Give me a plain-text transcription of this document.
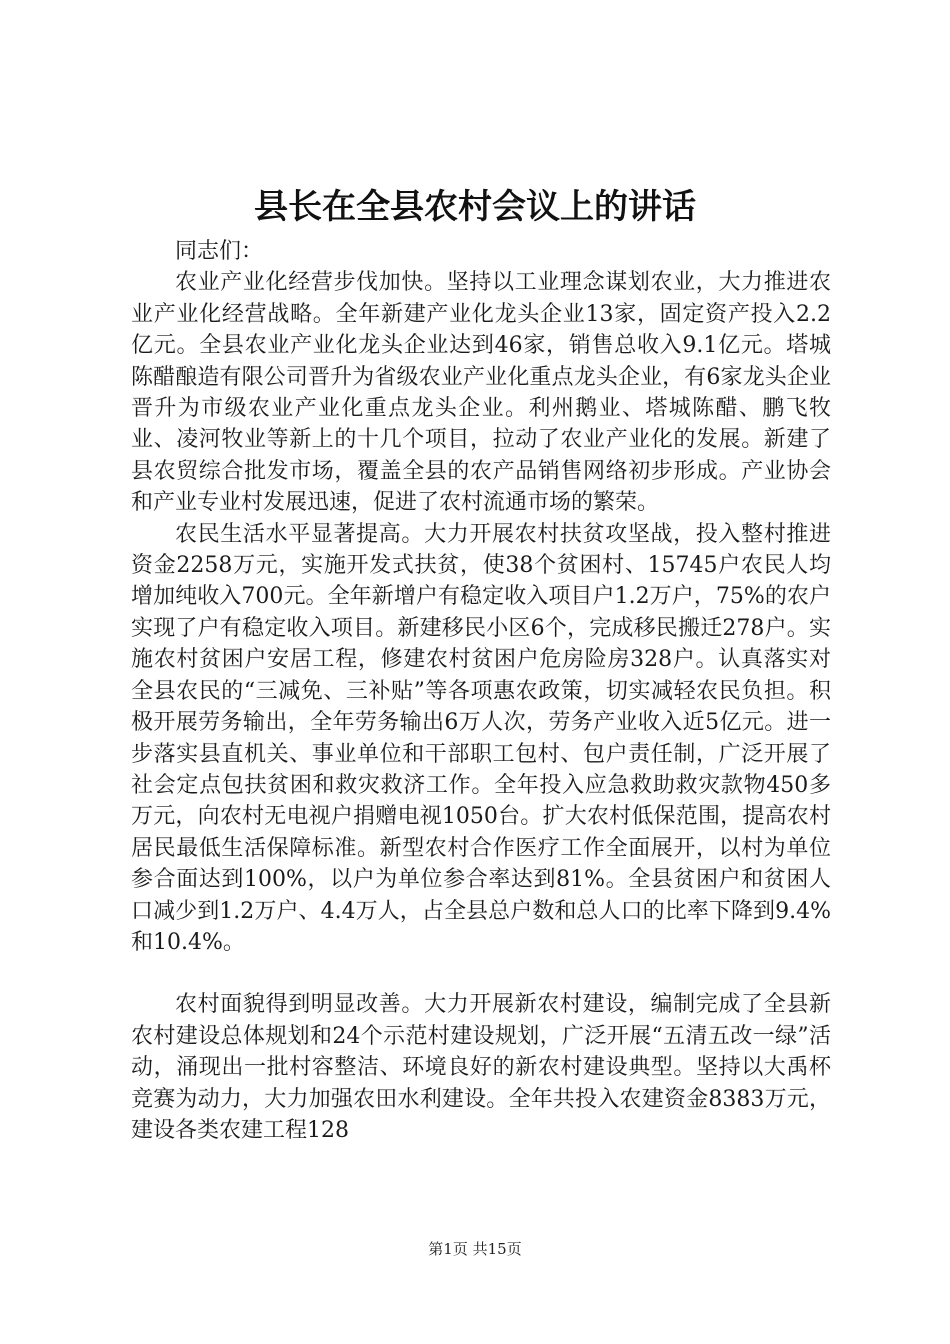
县长在全县农村会议上的讲话

同志们：

农业产业化经营步伐加快。坚持以工业理念谋划农业，大力推进农业产业化经营战略。全年新建产业化龙头企业13家，固定资产投入2.2亿元。全县农业产业化龙头企业达到46家，销售总收入9.1亿元。塔城陈醋酿造有限公司晋升为省级农业产业化重点龙头企业，有6家龙头企业晋升为市级农业产业化重点龙头企业。利州鹅业、塔城陈醋、鹏飞牧业、凌河牧业等新上的十几个项目，拉动了农业产业化的发展。新建了县农贸综合批发市场，覆盖全县的农产品销售网络初步形成。产业协会和产业专业村发展迅速，促进了农村流通市场的繁荣。

农民生活水平显著提高。大力开展农村扶贫攻坚战，投入整村推进资金2258万元，实施开发式扶贫，使38个贫困村、15745户农民人均增加纯收入700元。全年新增户有稳定收入项目户1.2万户，75%的农户实现了户有稳定收入项目。新建移民小区6个，完成移民搬迁278户。实施农村贫困户安居工程，修建农村贫困户危房险房328户。认真落实对全县农民的“三减免、三补贴”等各项惠农政策，切实减轻农民负担。积极开展劳务输出，全年劳务输出6万人次，劳务产业收入近5亿元。进一步落实县直机关、事业单位和干部职工包村、包户责任制，广泛开展了社会定点包扶贫困和救灾救济工作。全年投入应急救助救灾款物450多万元，向农村无电视户捐赠电视1050台。扩大农村低保范围，提高农村居民最低生活保障标准。新型农村合作医疗工作全面展开，以村为单位参合面达到100%，以户为单位参合率达到81%。全县贫困户和贫困人口减少到1.2万户、4.4万人，占全县总户数和总人口的比率下降到9.4%和10.4%。

农村面貌得到明显改善。大力开展新农村建设，编制完成了全县新农村建设总体规划和24个示范村建设规划，广泛开展“五清五改一绿”活动，涌现出一批村容整洁、环境良好的新农村建设典型。坚持以大禹杯竞赛为动力，大力加强农田水利建设。全年共投入农建资金8383万元，建设各类农建工程128

第1页 共15页
